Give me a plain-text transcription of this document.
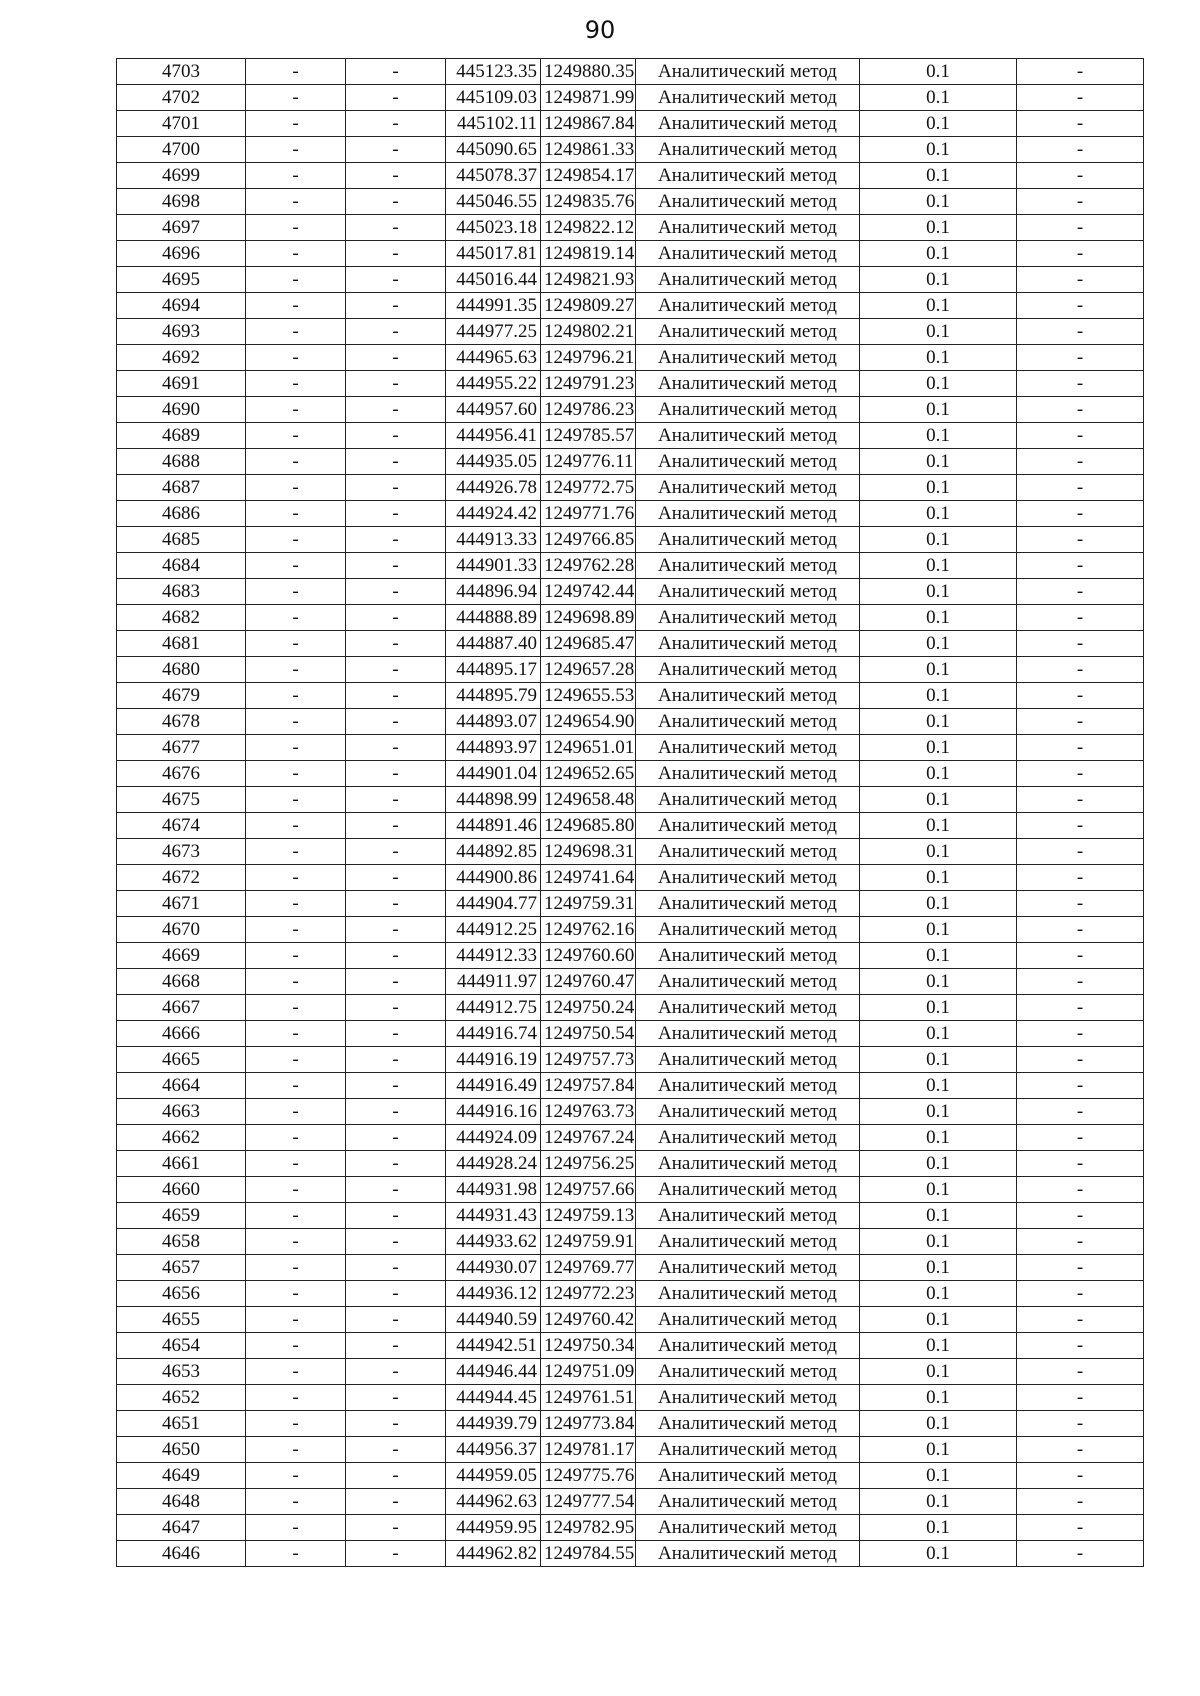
90
4703	-	-	445123.35	1249880.35	Аналитический метод	0.1	-
4702	-	-	445109.03	1249871.99	Аналитический метод	0.1	-
4701	-	-	445102.11	1249867.84	Аналитический метод	0.1	-
4700	-	-	445090.65	1249861.33	Аналитический метод	0.1	-
4699	-	-	445078.37	1249854.17	Аналитический метод	0.1	-
4698	-	-	445046.55	1249835.76	Аналитический метод	0.1	-
4697	-	-	445023.18	1249822.12	Аналитический метод	0.1	-
4696	-	-	445017.81	1249819.14	Аналитический метод	0.1	-
4695	-	-	445016.44	1249821.93	Аналитический метод	0.1	-
4694	-	-	444991.35	1249809.27	Аналитический метод	0.1	-
4693	-	-	444977.25	1249802.21	Аналитический метод	0.1	-
4692	-	-	444965.63	1249796.21	Аналитический метод	0.1	-
4691	-	-	444955.22	1249791.23	Аналитический метод	0.1	-
4690	-	-	444957.60	1249786.23	Аналитический метод	0.1	-
4689	-	-	444956.41	1249785.57	Аналитический метод	0.1	-
4688	-	-	444935.05	1249776.11	Аналитический метод	0.1	-
4687	-	-	444926.78	1249772.75	Аналитический метод	0.1	-
4686	-	-	444924.42	1249771.76	Аналитический метод	0.1	-
4685	-	-	444913.33	1249766.85	Аналитический метод	0.1	-
4684	-	-	444901.33	1249762.28	Аналитический метод	0.1	-
4683	-	-	444896.94	1249742.44	Аналитический метод	0.1	-
4682	-	-	444888.89	1249698.89	Аналитический метод	0.1	-
4681	-	-	444887.40	1249685.47	Аналитический метод	0.1	-
4680	-	-	444895.17	1249657.28	Аналитический метод	0.1	-
4679	-	-	444895.79	1249655.53	Аналитический метод	0.1	-
4678	-	-	444893.07	1249654.90	Аналитический метод	0.1	-
4677	-	-	444893.97	1249651.01	Аналитический метод	0.1	-
4676	-	-	444901.04	1249652.65	Аналитический метод	0.1	-
4675	-	-	444898.99	1249658.48	Аналитический метод	0.1	-
4674	-	-	444891.46	1249685.80	Аналитический метод	0.1	-
4673	-	-	444892.85	1249698.31	Аналитический метод	0.1	-
4672	-	-	444900.86	1249741.64	Аналитический метод	0.1	-
4671	-	-	444904.77	1249759.31	Аналитический метод	0.1	-
4670	-	-	444912.25	1249762.16	Аналитический метод	0.1	-
4669	-	-	444912.33	1249760.60	Аналитический метод	0.1	-
4668	-	-	444911.97	1249760.47	Аналитический метод	0.1	-
4667	-	-	444912.75	1249750.24	Аналитический метод	0.1	-
4666	-	-	444916.74	1249750.54	Аналитический метод	0.1	-
4665	-	-	444916.19	1249757.73	Аналитический метод	0.1	-
4664	-	-	444916.49	1249757.84	Аналитический метод	0.1	-
4663	-	-	444916.16	1249763.73	Аналитический метод	0.1	-
4662	-	-	444924.09	1249767.24	Аналитический метод	0.1	-
4661	-	-	444928.24	1249756.25	Аналитический метод	0.1	-
4660	-	-	444931.98	1249757.66	Аналитический метод	0.1	-
4659	-	-	444931.43	1249759.13	Аналитический метод	0.1	-
4658	-	-	444933.62	1249759.91	Аналитический метод	0.1	-
4657	-	-	444930.07	1249769.77	Аналитический метод	0.1	-
4656	-	-	444936.12	1249772.23	Аналитический метод	0.1	-
4655	-	-	444940.59	1249760.42	Аналитический метод	0.1	-
4654	-	-	444942.51	1249750.34	Аналитический метод	0.1	-
4653	-	-	444946.44	1249751.09	Аналитический метод	0.1	-
4652	-	-	444944.45	1249761.51	Аналитический метод	0.1	-
4651	-	-	444939.79	1249773.84	Аналитический метод	0.1	-
4650	-	-	444956.37	1249781.17	Аналитический метод	0.1	-
4649	-	-	444959.05	1249775.76	Аналитический метод	0.1	-
4648	-	-	444962.63	1249777.54	Аналитический метод	0.1	-
4647	-	-	444959.95	1249782.95	Аналитический метод	0.1	-
4646	-	-	444962.82	1249784.55	Аналитический метод	0.1	-
